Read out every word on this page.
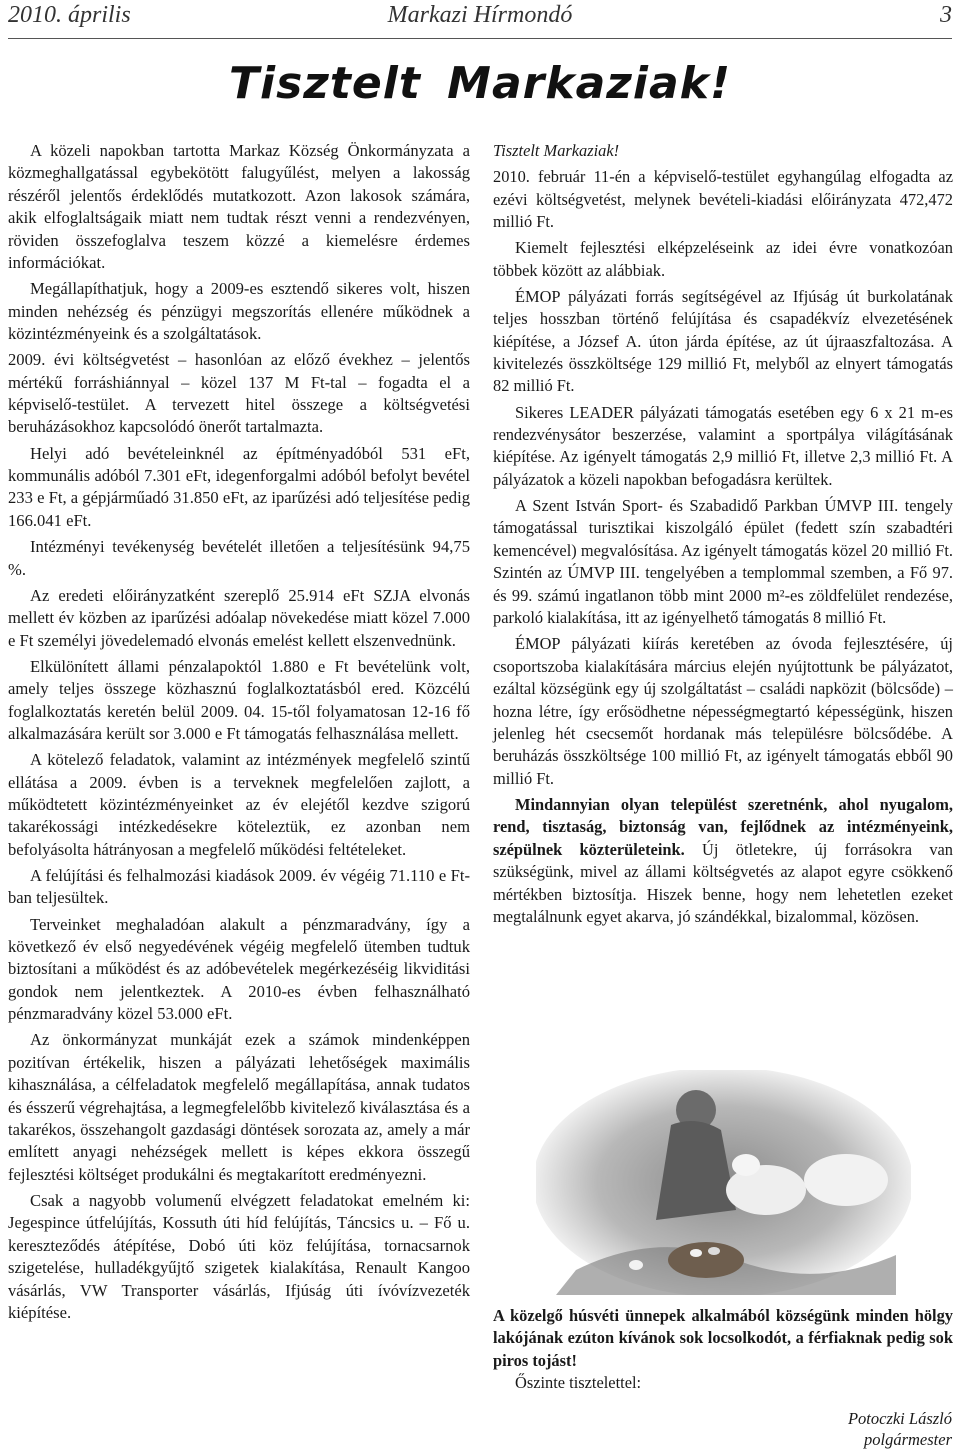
2010. április	Markazi Hírmondó	3
Tisztelt Markaziak!

A közeli napokban tartotta Markaz Község Önkormányzata a közmeghallgatással egybekötött falugyűlést, melyen a lakosság részéről jelentős érdeklődés mutatkozott. Azon lakosok számára, akik elfoglaltságaik miatt nem tudtak részt venni a rendezvényen, röviden összefoglalva teszem közzé a kiemelésre érdemes információkat.

Megállapíthatjuk, hogy a 2009-es esztendő sikeres volt, hiszen minden nehézség és pénzügyi megszorítás ellenére működnek a közintézményeink és a szolgáltatások.

2009. évi költségvetést – hasonlóan az előző évekhez – jelentős mértékű forráshiánnyal – közel 137 M Ft-tal – fogadta el a képviselő-testület. A tervezett hitel összege a költségvetési beruházásokhoz kapcsolódó önerőt tartalmazta.

Helyi adó bevételeinknél az építményadóból 531 eFt, kommunális adóból 7.301 eFt, idegenforgalmi adóból befolyt bevétel 233 e Ft, a gépjárműadó 31.850 eFt, az iparűzési adó teljesítése pedig 166.041 eFt.

Intézményi tevékenység bevételét illetően a teljesítésünk 94,75 %.

Az eredeti előirányzatként szereplő 25.914 eFt SZJA elvonás mellett év közben az iparűzési adóalap növekedése miatt közel 7.000 e Ft személyi jövedelemadó elvonás emelést kellett elszenvednünk.

Elkülönített állami pénzalapoktól 1.880 e Ft bevételünk volt, amely teljes összege közhasznú foglalkoztatásból ered. Közcélú foglalkoztatás keretén belül 2009. 04. 15-től folyamatosan 12-16 fő alkalmazására került sor 3.000 e Ft támogatás felhasználása mellett.

A kötelező feladatok, valamint az intézmények megfelelő szintű ellátása a 2009. évben is a terveknek megfelelően zajlott, a működtetett közintézményeinket az év elejétől kezdve szigorú takarékossági intézkedésekre köteleztük, ez azonban nem befolyásolta hátrányosan a megfelelő működési feltételeket.

A felújítási és felhalmozási kiadások 2009. év végéig 71.110 e Ft-ban teljesültek.

Terveinket meghaladóan alakult a pénzmaradvány, így a következő év első negyedévének végéig megfelelő ütemben tudtuk biztosítani a működést és az adóbevételek megérkezéséig likviditási gondok nem jelentkeztek. A 2010-es évben felhasználható pénzmaradvány közel 53.000 eFt.

Az önkormányzat munkáját ezek a számok mindenképpen pozitívan értékelik, hiszen a pályázati lehetőségek maximális kihasználása, a célfeladatok megfelelő megállapítása, annak tudatos és ésszerű végrehajtása, a legmegfelelőbb kivitelező kiválasztása és a takarékos, összehangolt gazdasági döntések sorozata az, amely a már említett anyagi nehézségek mellett is képes ekkora összegű fejlesztési költséget produkálni és megtakarított eredményezni.

Csak a nagyobb volumenű elvégzett feladatokat emelném ki: Jegespince útfelújítás, Kossuth úti híd felújítás, Táncsics u. – Fő u. kereszteződés átépítése, Dobó úti köz felújítása, tornacsarnok szigetelése, hulladékgyűjtő szigetek kialakítása, Renault Kangoo vásárlás, VW Transporter vásárlás, Ifjúság úti ívóvízvezeték kiépítése.

Tisztelt Markaziak!

2010. február 11-én a képviselő-testület egyhangúlag elfogadta az ezévi költségvetést, melynek bevételi-kiadási előirányzata 472,472 millió Ft.

Kiemelt fejlesztési elképzeléseink az idei évre vonatkozóan többek között az alábbiak.

ÉMOP pályázati forrás segítségével az Ifjúság út burkolatának teljes hosszban történő felújítása és csapadékvíz elvezetésének kiépítése, a József A. úton járda építése, az út újraaszfaltozása. A kivitelezés összköltsége 129 millió Ft, melyből az elnyert támogatás 82 millió Ft.

Sikeres LEADER pályázati támogatás esetében egy 6 x 21 m-es rendezvénysátor beszerzése, valamint a sportpálya világításának kiépítése. Az igényelt támogatás 2,9 millió Ft, illetve 2,3 millió Ft. A pályázatok a közeli napokban befogadásra kerültek.

A Szent István Sport- és Szabadidő Parkban ÚMVP III. tengely támogatással turisztikai kiszolgáló épület (fedett szín szabadtéri kemencével) megvalósítása. Az igényelt támogatás közel 20 millió Ft. Szintén az ÚMVP III. tengelyében a templommal szemben, a Fő 97. és 99. számú ingatlanon több mint 2000 m²-es zöldfelület rendezése, parkoló kialakítása, itt az igényelhető támogatás 8 millió Ft.

ÉMOP pályázati kiírás keretében az óvoda fejlesztésére, új csoportszoba kialakítására március elején nyújtottunk be pályázatot, ezáltal községünk egy új szolgáltatást – családi napközit (bölcsőde) – hozna létre, így erősödhetne népességmegtartó képességünk, hiszen jelenleg hét csecsemőt hordanak más településre bölcsődébe. A beruházás összköltsége 100 millió Ft, az igényelt támogatás ebből 90 millió Ft.

Mindannyian olyan települést szeretnénk, ahol nyugalom, rend, tisztaság, biztonság van, fejlődnek az intézményeink, szépülnek közterületeink. Új ötletekre, új forrásokra van szükségünk, mivel az állami költségvetés az alapot egyre csökkenő mértékben biztosítja. Hiszek benne, hogy nem lehetetlen ezeket megtalálnunk egyet akarva, jó szándékkal, bizalommal, közösen.

A közelgő húsvéti ünnepek alkalmából községünk minden hölgy lakójának ezúton kívánok sok locsolkodót, a férfiaknak pedig sok piros tojást!

Őszinte tisztelettel:

Potoczki László
polgármester
